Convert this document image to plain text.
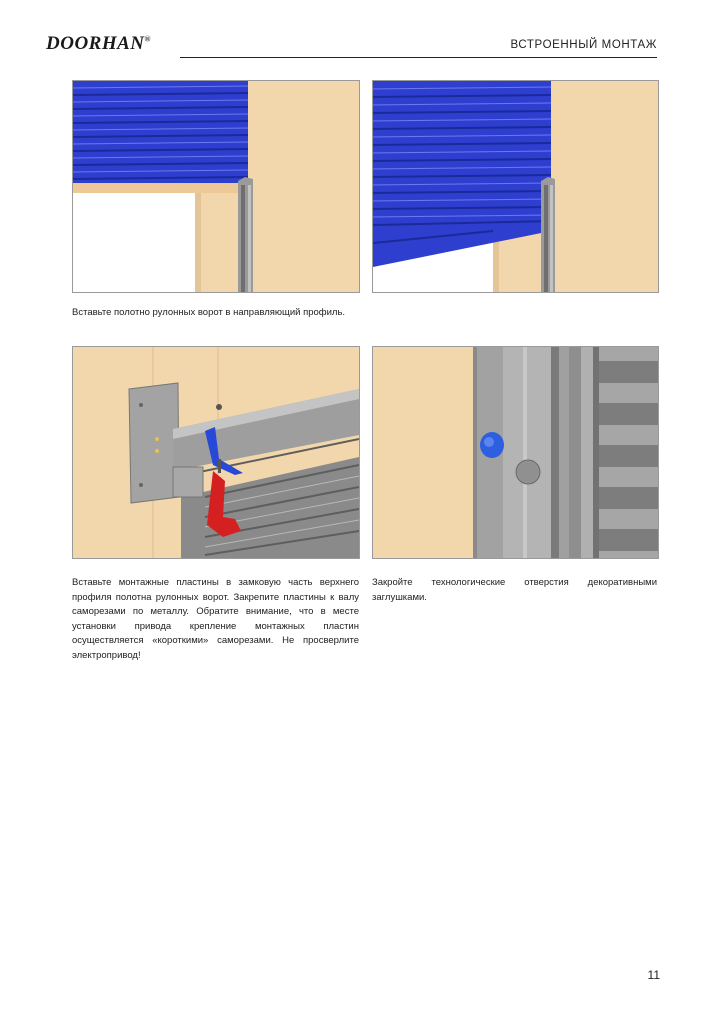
DOORHAN®	ВСТРОЕННЫЙ МОНТАЖ
Вставьте полотно рулонных ворот в направляющий профиль.
Вставьте монтажные пластины в замковую часть верхнего профиля полотна рулонных ворот. Закрепите пластины к валу саморезами по металлу. Обратите внимание, что в месте установки привода крепление монтажных пластин осуществляется «короткими» саморезами. Не просверлите электропривод!
Закройте технологические отверстия декоративными заглушками.
11
